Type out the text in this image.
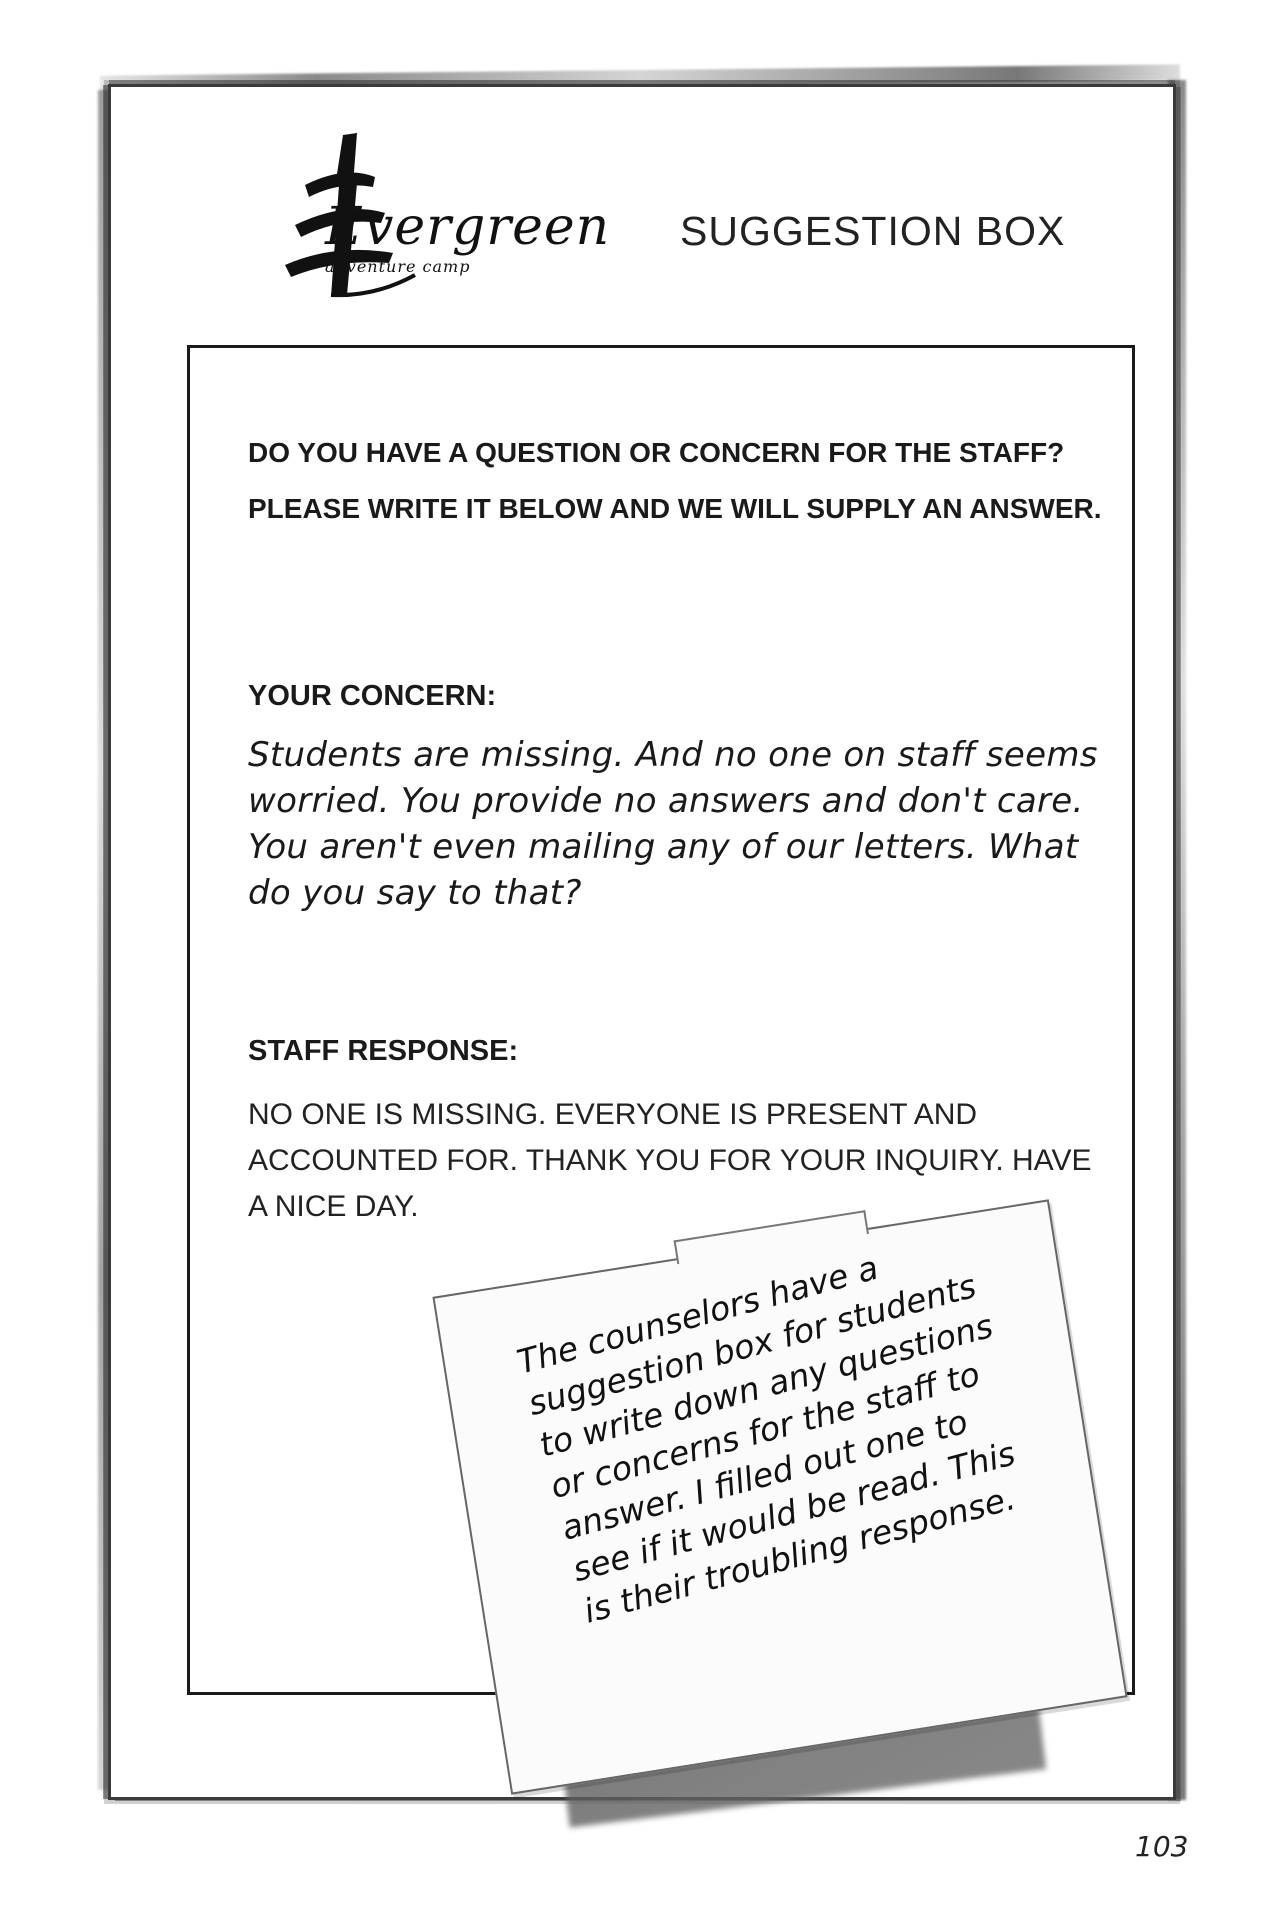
Evergreen
adventure camp
SUGGESTION BOX
DO YOU HAVE A QUESTION OR CONCERN FOR THE STAFF? PLEASE WRITE IT BELOW AND WE WILL SUPPLY AN ANSWER.
YOUR CONCERN:
Students are missing. And no one on staff seems worried. You provide no answers and don't care. You aren't even mailing any of our letters. What do you say to that?
STAFF RESPONSE:
NO ONE IS MISSING. EVERYONE IS PRESENT AND ACCOUNTED FOR. THANK YOU FOR YOUR INQUIRY. HAVE A NICE DAY.
The counselors have a suggestion box for students to write down any questions or concerns for the staff to answer. I filled out one to see if it would be read. This is their troubling response.
103
